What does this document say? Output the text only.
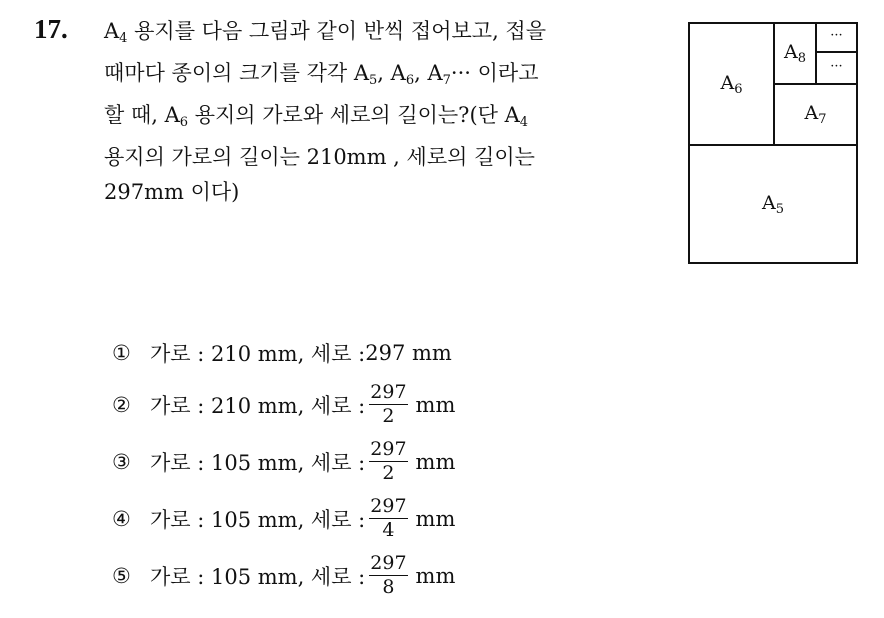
17. $A_4$ 용지를 다음 그림과 같이 반씩 접어보고, 접을
때마다 종이의 크기를 각각 $A_5$, $A_6$, $A_7\cdot\cdot\cdot$ 이라고
할 때, $A_6$ 용지의 가로와 세로의 길이는?(단 $A_4$
용지의 가로의 길이는 210mm , 세로의 길이는
297mm 이다)
$A_6$
$A_8$
···
···
$A_7$
$A_5$
① 가로 : 210 mm, 세로 : 297 mm
② 가로 : 210 mm, 세로 : $\frac{297}{2}$ mm
③ 가로 : 105 mm, 세로 : $\frac{297}{2}$ mm
④ 가로 : 105 mm, 세로 : $\frac{297}{4}$ mm
⑤ 가로 : 105 mm, 세로 : $\frac{297}{8}$ mm
